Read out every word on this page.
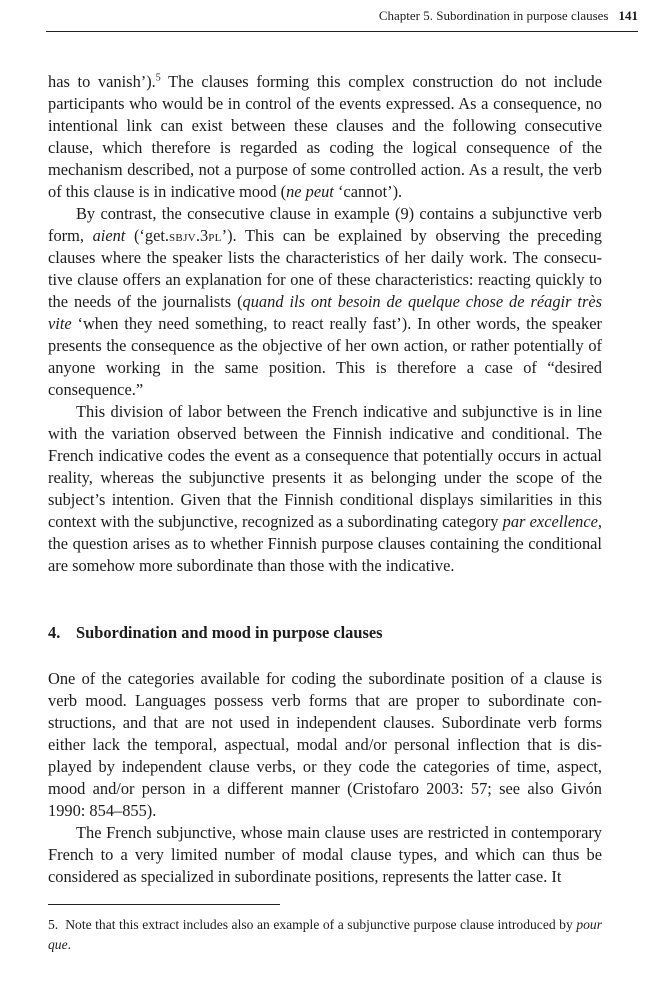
Chapter 5. Subordination in purpose clauses 141

has to vanish’).$^5$ The clauses forming this complex construction do not include participants who would be in control of the events expressed. As a consequence, no intentional link can exist between these clauses and the following consecutive clause, which therefore is regarded as coding the logical consequence of the mechanism described, not a purpose of some controlled action. As a result, the verb of this clause is in indicative mood (ne peut ‘cannot’).

By contrast, the consecutive clause in example (9) contains a subjunctive verb form, aient (‘get.sbjv.3pl’). This can be explained by observing the preceding clauses where the speaker lists the characteristics of her daily work. The consecutive clause offers an explanation for one of these characteristics: reacting quickly to the needs of the journalists (quand ils ont besoin de quelque chose de réagir très vite ‘when they need something, to react really fast’). In other words, the speaker presents the consequence as the objective of her own action, or rather potentially of anyone working in the same position. This is therefore a case of “desired consequence.”

This division of labor between the French indicative and subjunctive is in line with the variation observed between the Finnish indicative and conditional. The French indicative codes the event as a consequence that potentially occurs in actual reality, whereas the subjunctive presents it as belonging under the scope of the subject’s intention. Given that the Finnish conditional displays similarities in this context with the subjunctive, recognized as a subordinating category par excellence, the question arises as to whether Finnish purpose clauses containing the conditional are somehow more subordinate than those with the indicative.

4. Subordination and mood in purpose clauses

One of the categories available for coding the subordinate position of a clause is verb mood. Languages possess verb forms that are proper to subordinate constructions, and that are not used in independent clauses. Subordinate verb forms either lack the temporal, aspectual, modal and/or personal inflection that is displayed by independent clause verbs, or they code the categories of time, aspect, mood and/or person in a different manner (Cristofaro 2003: 57; see also Givón 1990: 854–855).

The French subjunctive, whose main clause uses are restricted in contemporary French to a very limited number of modal clause types, and which can thus be considered as specialized in subordinate positions, represents the latter case. It

5. Note that this extract includes also an example of a subjunctive purpose clause introduced by pour que.
